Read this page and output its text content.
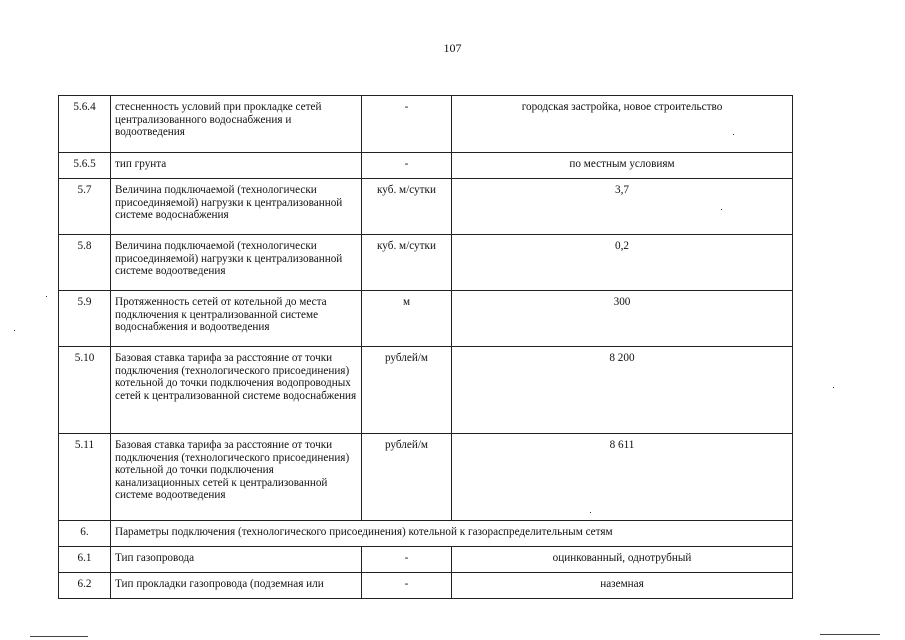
107
5.6.4	стесненность условий при прокладке сетей централизованного водоснабжения и водоотведения	-	городская застройка, новое строительство
5.6.5	тип грунта	-	по местным условиям
5.7	Величина подключаемой (технологически присоединяемой) нагрузки к централизованной системе водоснабжения	куб. м/сутки	3,7
5.8	Величина подключаемой (технологически присоединяемой) нагрузки к централизованной системе водоотведения	куб. м/сутки	0,2
5.9	Протяженность сетей от котельной до места подключения к централизованной системе водоснабжения и водоотведения	м	300
5.10	Базовая ставка тарифа за расстояние от точки подключения (технологического присоединения) котельной до точки подключения водопроводных сетей к централизованной системе водоснабжения	рублей/м	8 200
5.11	Базовая ставка тарифа за расстояние от точки подключения (технологического присоединения) котельной до точки подключения канализационных сетей к централизованной системе водоотведения	рублей/м	8 611
6.	Параметры подключения (технологического присоединения) котельной к газораспределительным сетям		
6.1	Тип газопровода	-	оцинкованный, однотрубный
6.2	Тип прокладки газопровода (подземная или	-	наземная
